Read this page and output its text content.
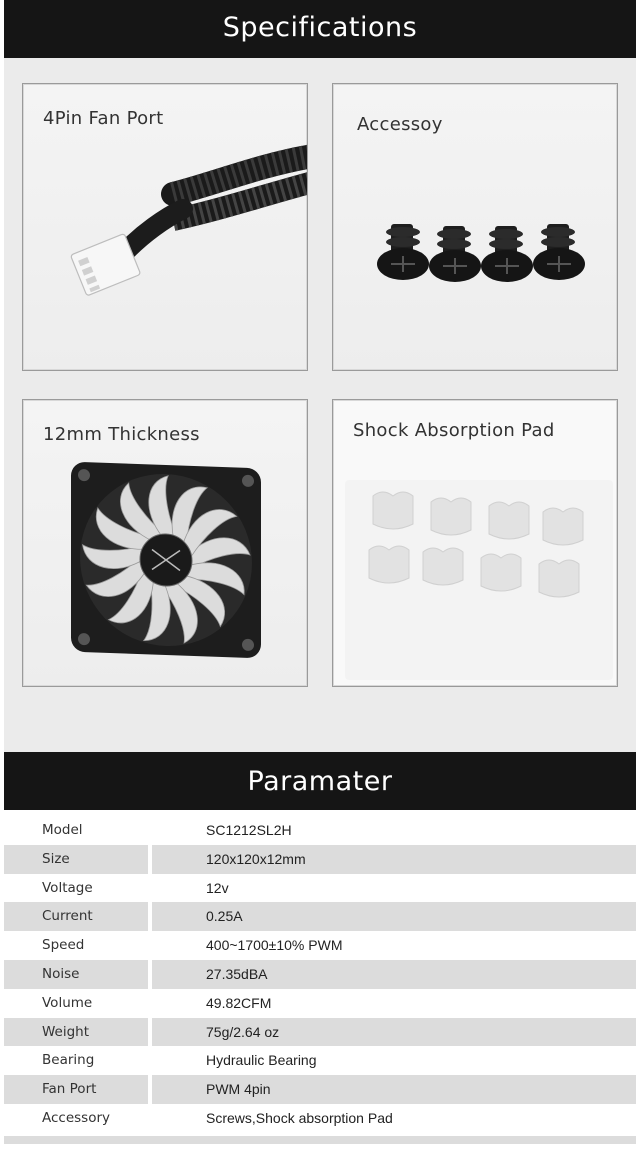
Specifications
4Pin Fan Port	Accessoy
12mm Thickness	Shock Absorption Pad
Paramater
Model	SC1212SL2H
Size	120x120x12mm
Voltage	12v
Current	0.25A
Speed	400~1700±10% PWM
Noise	27.35dBA
Volume	49.82CFM
Weight	75g/2.64 oz
Bearing	Hydraulic Bearing
Fan Port	PWM 4pin
Accessory	Screws,Shock absorption Pad
